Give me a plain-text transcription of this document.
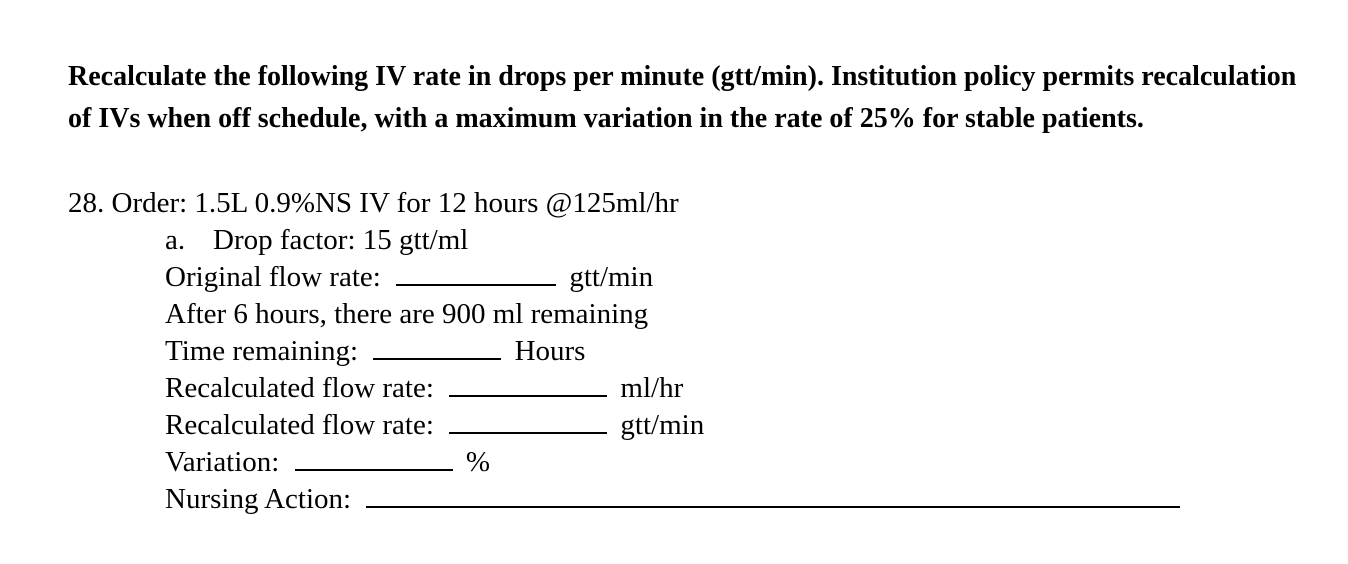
Recalculate the following IV rate in drops per minute (gtt/min). Institution policy permits recalculation of IVs when off schedule, with a maximum variation in the rate of 25% for stable patients.

28. Order: 1.5L 0.9%NS IV for 12 hours @125ml/hr
a. Drop factor: 15 gtt/ml
Original flow rate:	gtt/min
After 6 hours, there are 900 ml remaining
Time remaining:	Hours
Recalculated flow rate:	ml/hr
Recalculated flow rate:	gtt/min
Variation:	%
Nursing Action:
